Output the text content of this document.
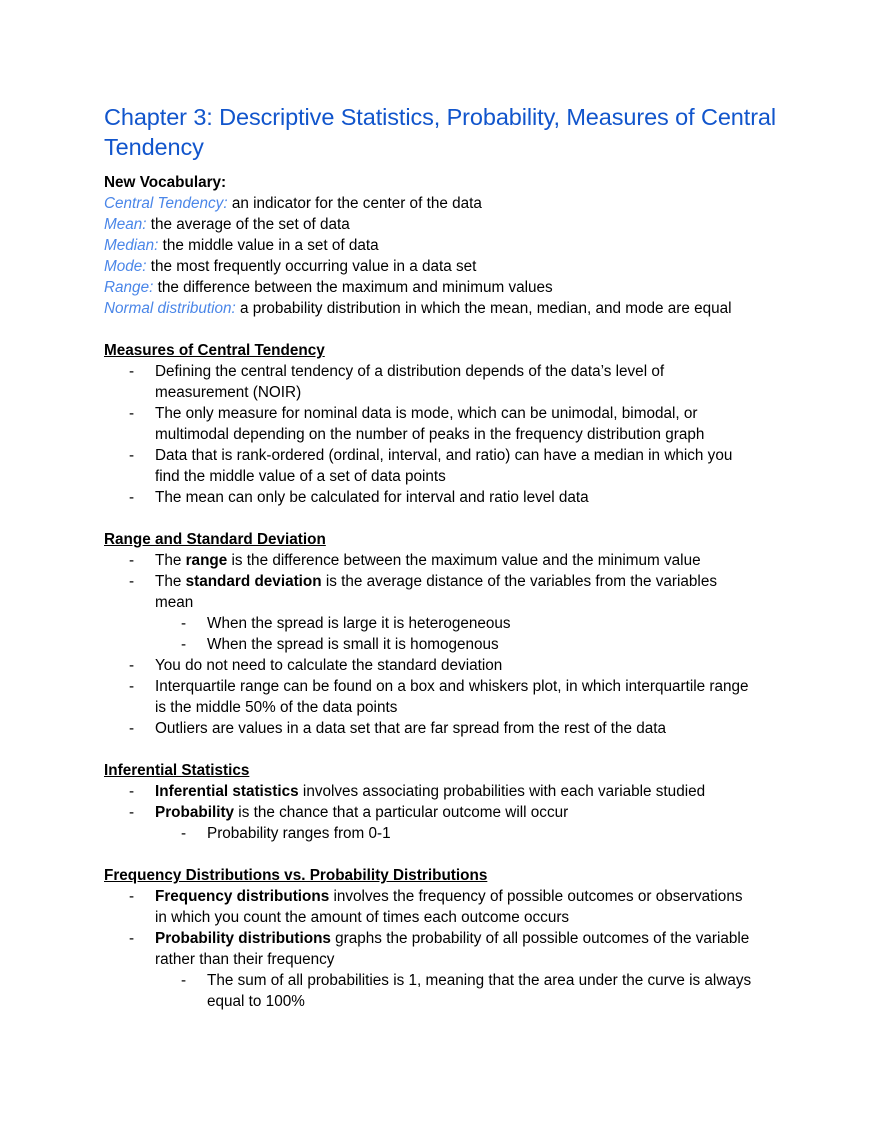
Chapter 3: Descriptive Statistics, Probability, Measures of Central Tendency
New Vocabulary:
Central Tendency: an indicator for the center of the data
Mean: the average of the set of data
Median: the middle value in a set of data
Mode: the most frequently occurring value in a data set
Range: the difference between the maximum and minimum values
Normal distribution: a probability distribution in which the mean, median, and mode are equal
Measures of Central Tendency
- Defining the central tendency of a distribution depends of the data’s level of
measurement (NOIR)
- The only measure for nominal data is mode, which can be unimodal, bimodal, or
multimodal depending on the number of peaks in the frequency distribution graph
- Data that is rank-ordered (ordinal, interval, and ratio) can have a median in which you
find the middle value of a set of data points
- The mean can only be calculated for interval and ratio level data
Range and Standard Deviation
- The range is the difference between the maximum value and the minimum value
- The standard deviation is the average distance of the variables from the variables
mean
- When the spread is large it is heterogeneous
- When the spread is small it is homogenous
- You do not need to calculate the standard deviation
- Interquartile range can be found on a box and whiskers plot, in which interquartile range
is the middle 50% of the data points
- Outliers are values in a data set that are far spread from the rest of the data
Inferential Statistics
- Inferential statistics involves associating probabilities with each variable studied
- Probability is the chance that a particular outcome will occur
- Probability ranges from 0-1
Frequency Distributions vs. Probability Distributions
- Frequency distributions involves the frequency of possible outcomes or observations
in which you count the amount of times each outcome occurs
- Probability distributions graphs the probability of all possible outcomes of the variable
rather than their frequency
- The sum of all probabilities is 1, meaning that the area under the curve is always
equal to 100%
